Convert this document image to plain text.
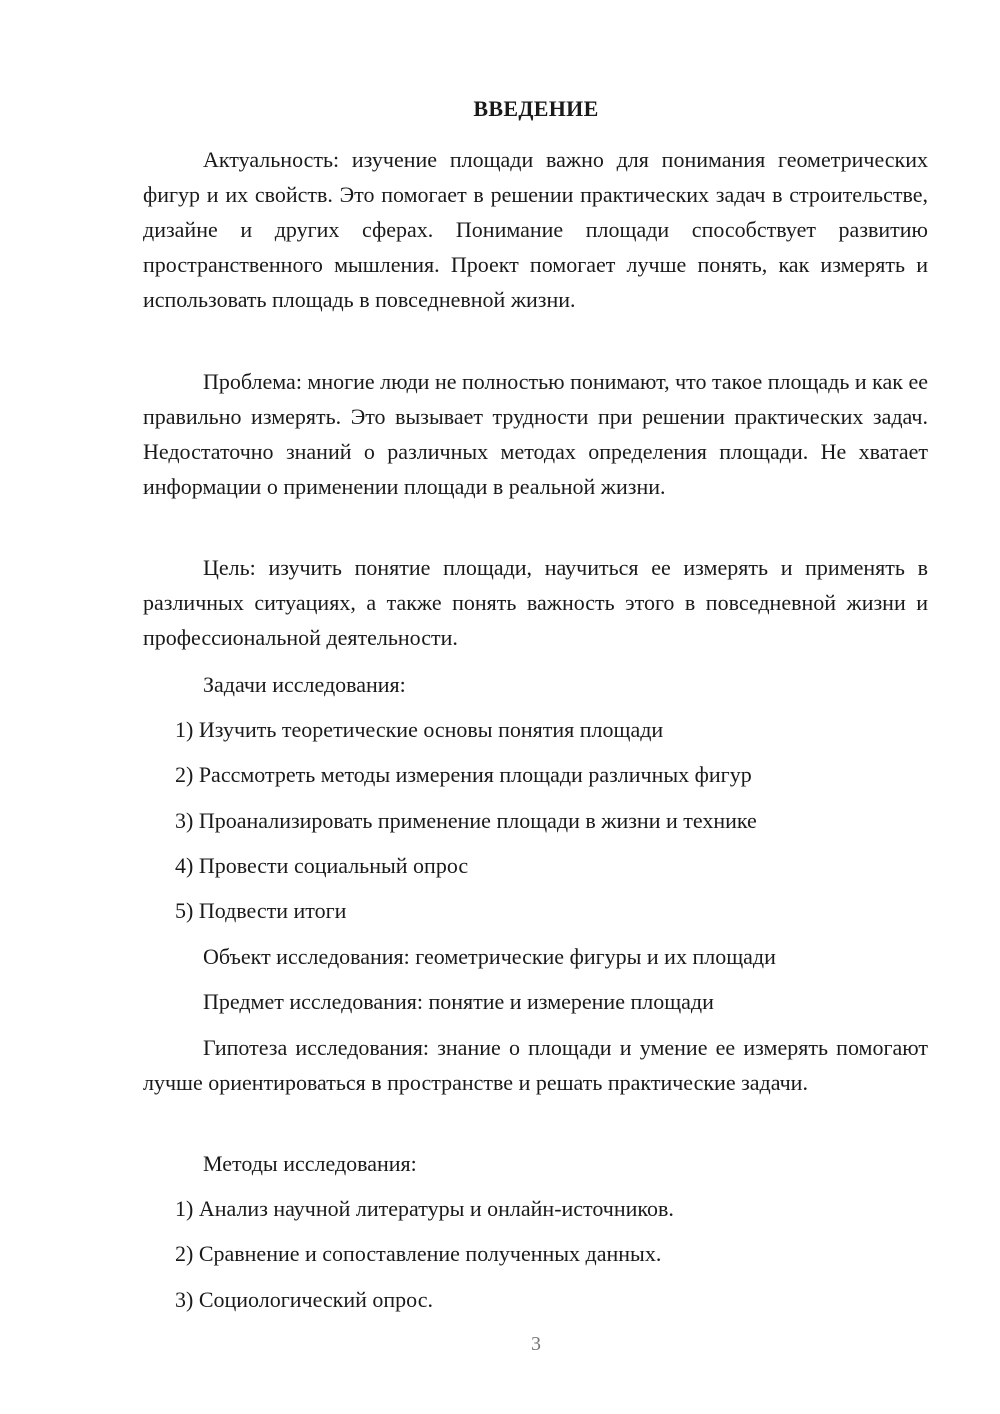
ВВЕДЕНИЕ

Актуальность: изучение площади важно для понимания геометрических фигур и их свойств. Это помогает в решении практических задач в строительстве, дизайне и других сферах. Понимание площади способствует развитию пространственного мышления. Проект помогает лучше понять, как измерять и использовать площадь в повседневной жизни.

Проблема: многие люди не полностью понимают, что такое площадь и как ее правильно измерять. Это вызывает трудности при решении практических задач. Недостаточно знаний о различных методах определения площади. Не хватает информации о применении площади в реальной жизни.

Цель: изучить понятие площади, научиться ее измерять и применять в различных ситуациях, а также понять важность этого в повседневной жизни и профессиональной деятельности.

Задачи исследования:
1) Изучить теоретические основы понятия площади
2) Рассмотреть методы измерения площади различных фигур
3) Проанализировать применение площади в жизни и технике
4) Провести социальный опрос
5) Подвести итоги
Объект исследования: геометрические фигуры и их площади
Предмет исследования: понятие и измерение площади

Гипотеза исследования: знание о площади и умение ее измерять помогают лучше ориентироваться в пространстве и решать практические задачи.

Методы исследования:
1) Анализ научной литературы и онлайн-источников.
2) Сравнение и сопоставление полученных данных.
3) Социологический опрос.
3
